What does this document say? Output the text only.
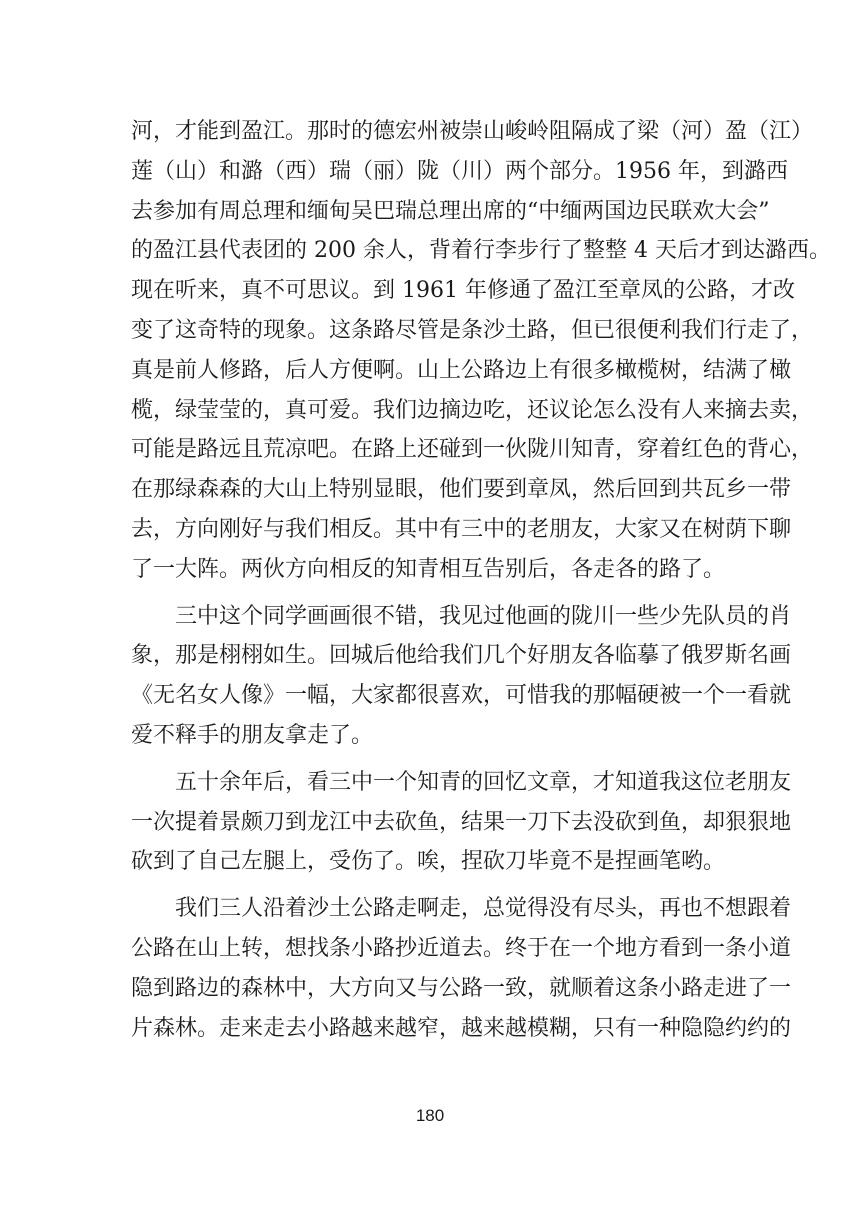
河，才能到盈江。那时的德宏州被崇山峻岭阻隔成了梁（河）盈（江）
莲（山）和潞（西）瑞（丽）陇（川）两个部分。1956 年，到潞西
去参加有周总理和缅甸吴巴瑞总理出席的“中缅两国边民联欢大会”
的盈江县代表团的 200 余人，背着行李步行了整整 4 天后才到达潞西。
现在听来，真不可思议。到 1961 年修通了盈江至章凤的公路，才改
变了这奇特的现象。这条路尽管是条沙土路，但已很便利我们行走了，
真是前人修路，后人方便啊。山上公路边上有很多橄榄树，结满了橄
榄，绿莹莹的，真可爱。我们边摘边吃，还议论怎么没有人来摘去卖，
可能是路远且荒凉吧。在路上还碰到一伙陇川知青，穿着红色的背心，
在那绿森森的大山上特别显眼，他们要到章凤，然后回到共瓦乡一带
去，方向刚好与我们相反。其中有三中的老朋友，大家又在树荫下聊
了一大阵。两伙方向相反的知青相互告别后，各走各的路了。
　　三中这个同学画画很不错，我见过他画的陇川一些少先队员的肖
象，那是栩栩如生。回城后他给我们几个好朋友各临摹了俄罗斯名画
《无名女人像》一幅，大家都很喜欢，可惜我的那幅硬被一个一看就
爱不释手的朋友拿走了。
　　五十余年后，看三中一个知青的回忆文章，才知道我这位老朋友
一次提着景颇刀到龙江中去砍鱼，结果一刀下去没砍到鱼，却狠狠地
砍到了自己左腿上，受伤了。唉，捏砍刀毕竟不是捏画笔哟。
　　我们三人沿着沙土公路走啊走，总觉得没有尽头，再也不想跟着
公路在山上转，想找条小路抄近道去。终于在一个地方看到一条小道
隐到路边的森林中，大方向又与公路一致，就顺着这条小路走进了一
片森林。走来走去小路越来越窄，越来越模糊，只有一种隐隐约约的
180
